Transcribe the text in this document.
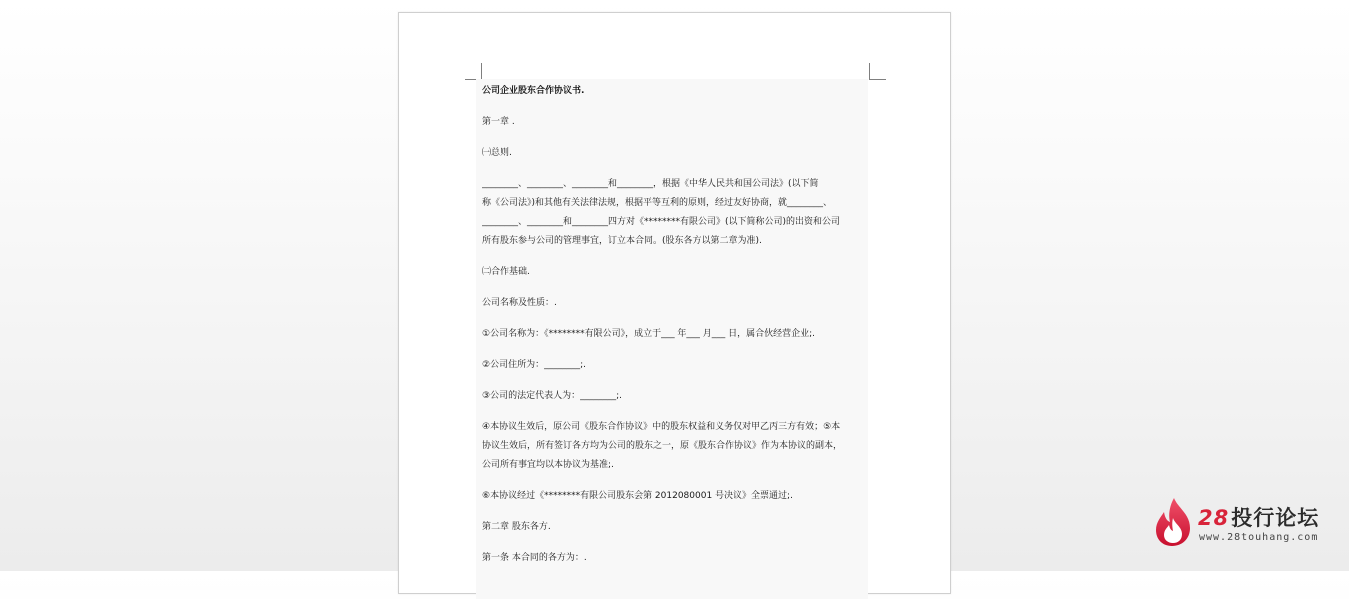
公司企业股东合作协议书.
第一章 .
㈠总则.
________、________、________和________，根据《中华人民共和国公司法》(以下简
称《公司法》)和其他有关法律法规，根据平等互利的原则，经过友好协商，就________、
________、________和________四方对《********有限公司》(以下简称公司)的出资和公司
所有股东参与公司的管理事宜，订立本合同。(股东各方以第二章为准).
㈡合作基础.
公司名称及性质：.
①公司名称为：《********有限公司》，成立于___ 年___ 月___ 日，属合伙经营企业;.
②公司住所为：________;.
③公司的法定代表人为：________;.
④本协议生效后，原公司《股东合作协议》中的股东权益和义务仅对甲乙丙三方有效；⑤本
协议生效后，所有签订各方均为公司的股东之一，原《股东合作协议》作为本协议的副本，
公司所有事宜均以本协议为基准;.
⑥本协议经过《********有限公司股东会第 2012080001 号决议》全票通过;.
第二章 股东各方.
第一条 本合同的各方为：.
28投行论坛
www.28touhang.com
